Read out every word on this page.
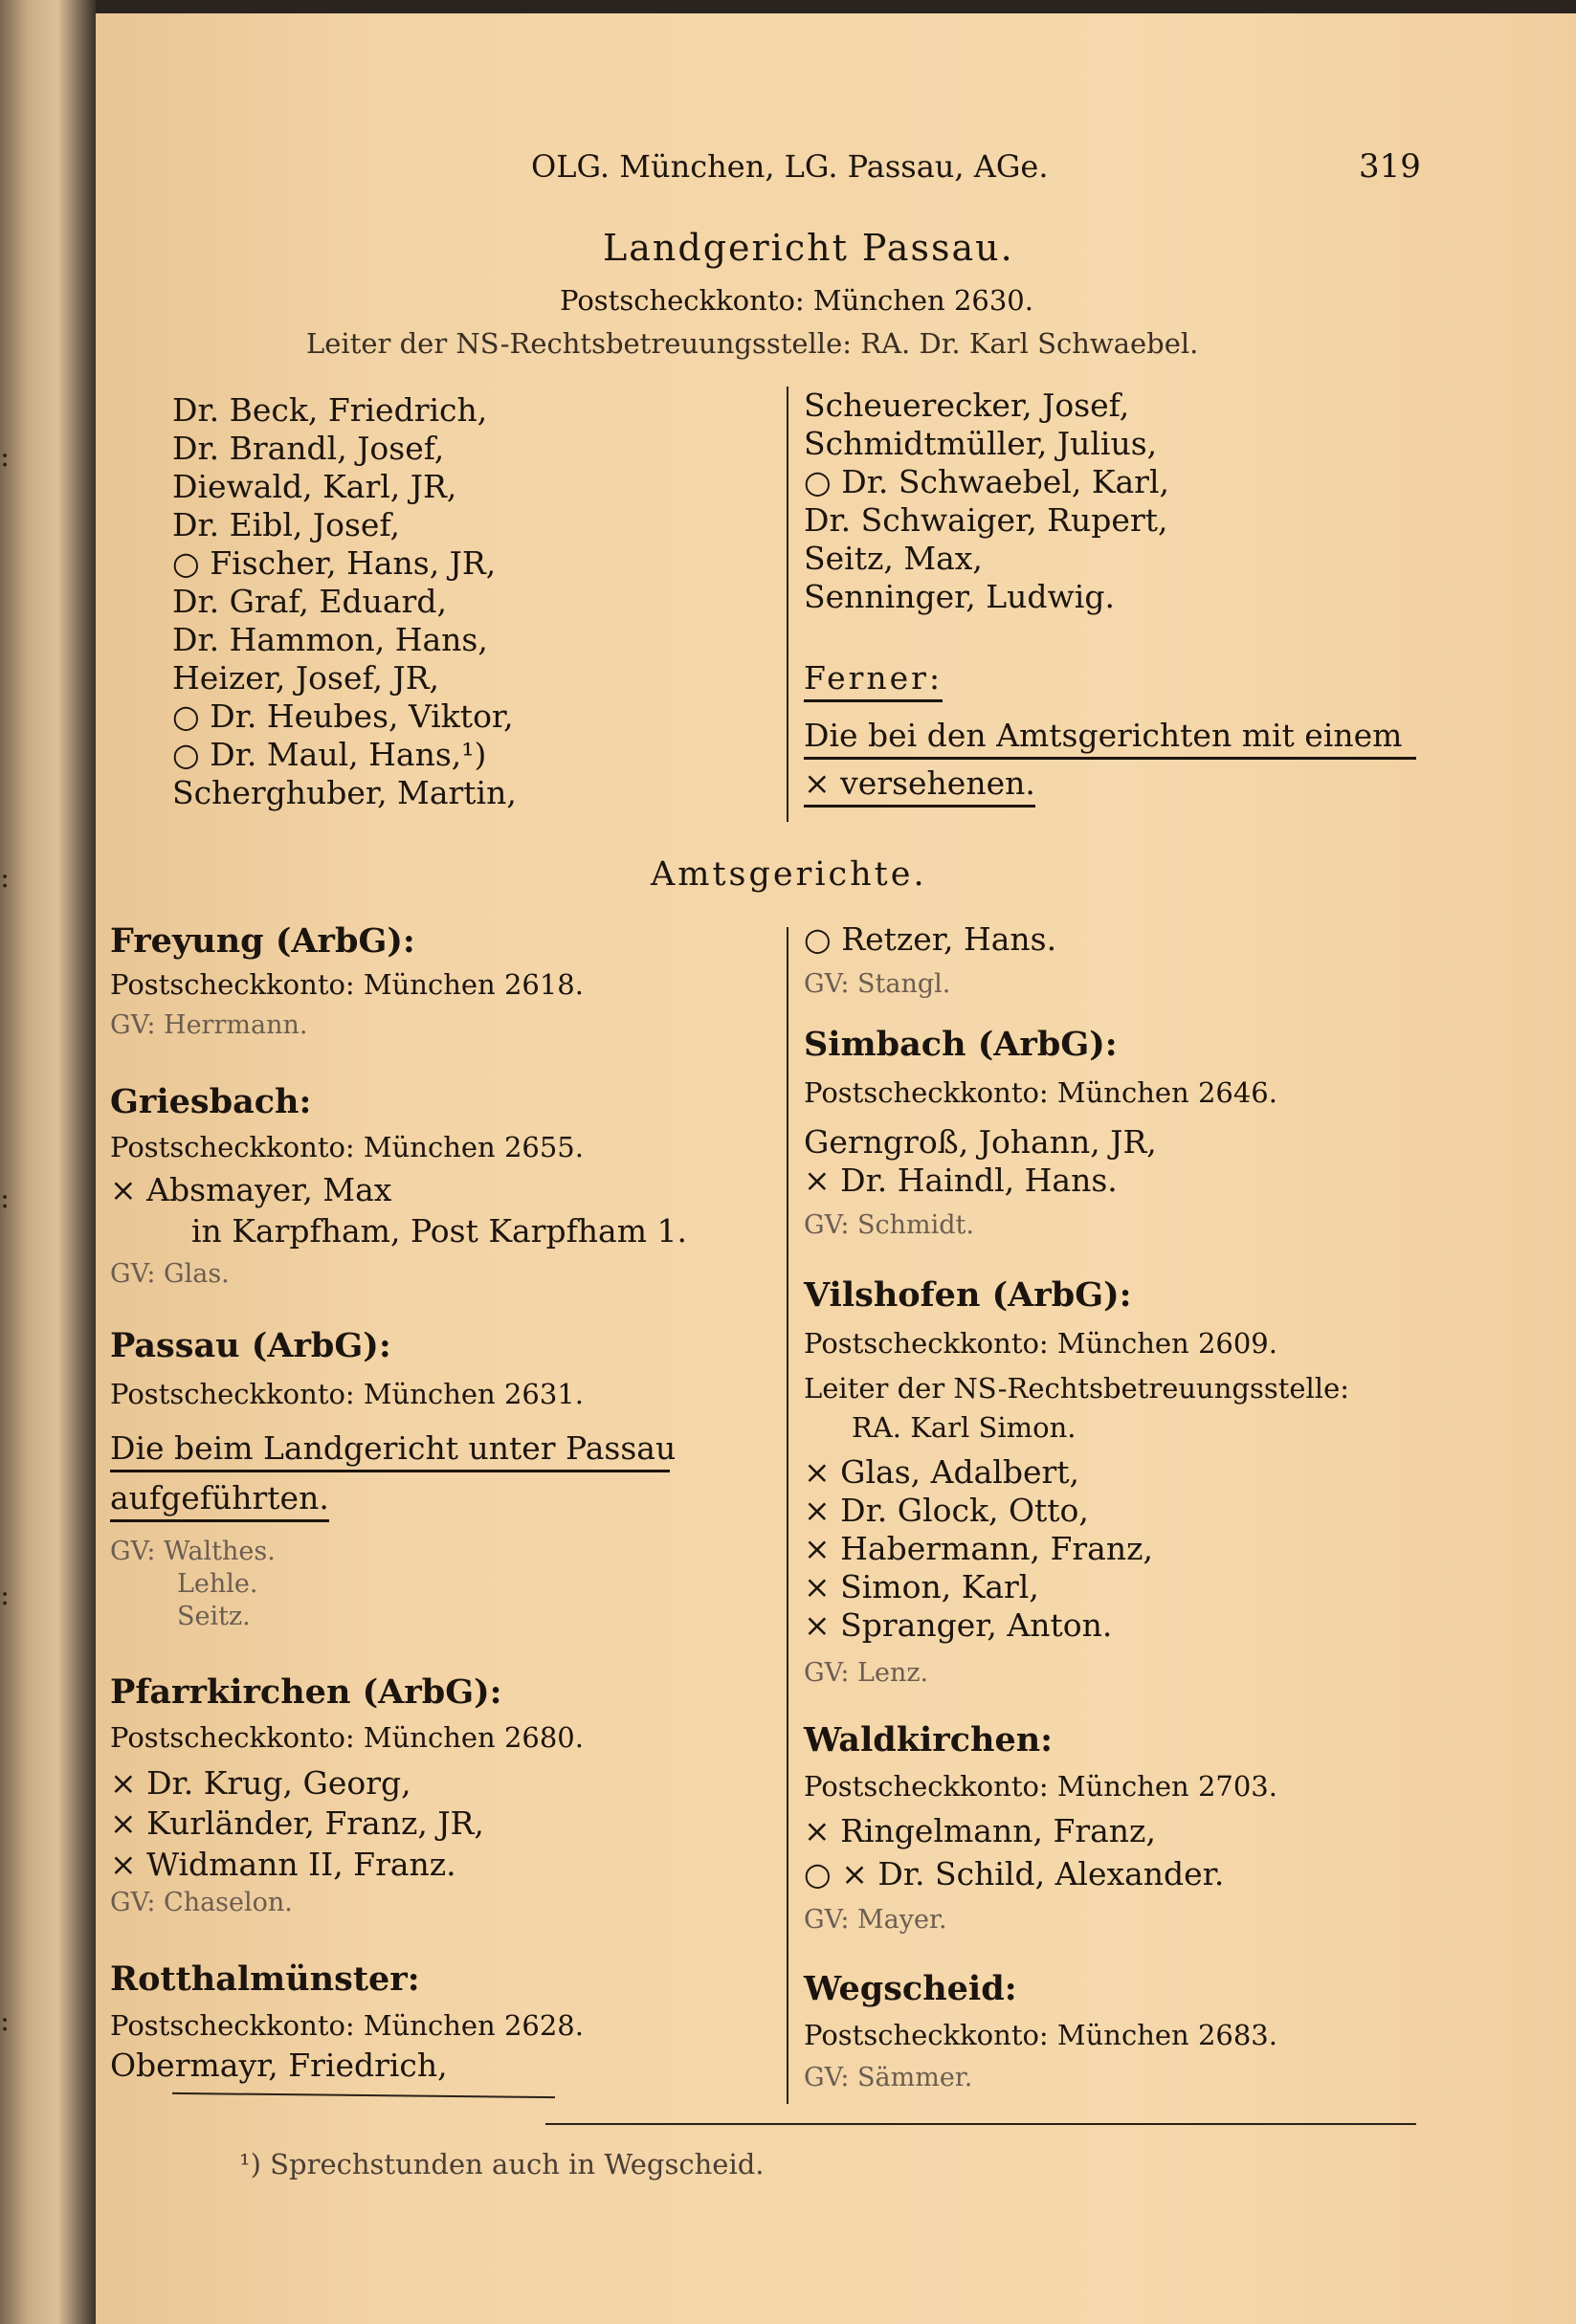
:
:
:
:
:
OLG. München, LG. Passau, AGe.	319
Landgericht Passau.
Postscheckkonto: München 2630.
Leiter der NS-Rechtsbetreuungsstelle: RA. Dr. Karl Schwaebel.
Dr. Beck, Friedrich,
Dr. Brandl, Josef,
Diewald, Karl, JR,
Dr. Eibl, Josef,
○ Fischer, Hans, JR,
Dr. Graf, Eduard,
Dr. Hammon, Hans,
Heizer, Josef, JR,
○ Dr. Heubes, Viktor,
○ Dr. Maul, Hans,¹)
Scherghuber, Martin,
Scheuerecker, Josef,
Schmidtmüller, Julius,
○ Dr. Schwaebel, Karl,
Dr. Schwaiger, Rupert,
Seitz, Max,
Senninger, Ludwig.
Ferner:
Die bei den Amtsgerichten mit einem
× versehenen.
Amtsgerichte.
Freyung (ArbG):
Postscheckkonto: München 2618.
GV: Herrmann.
Griesbach:
Postscheckkonto: München 2655.
× Absmayer, Max
in Karpfham, Post Karpfham 1.
GV: Glas.
Passau (ArbG):
Postscheckkonto: München 2631.
Die beim Landgericht unter Passau
aufgeführten.
GV: Walthes.
Lehle.
Seitz.
Pfarrkirchen (ArbG):
Postscheckkonto: München 2680.
× Dr. Krug, Georg,
× Kurländer, Franz, JR,
× Widmann II, Franz.
GV: Chaselon.
Rotthalmünster:
Postscheckkonto: München 2628.
Obermayr, Friedrich,
○ Retzer, Hans.
GV: Stangl.
Simbach (ArbG):
Postscheckkonto: München 2646.
Gerngroß, Johann, JR,
× Dr. Haindl, Hans.
GV: Schmidt.
Vilshofen (ArbG):
Postscheckkonto: München 2609.
Leiter der NS-Rechtsbetreuungsstelle:
RA. Karl Simon.
× Glas, Adalbert,
× Dr. Glock, Otto,
× Habermann, Franz,
× Simon, Karl,
× Spranger, Anton.
GV: Lenz.
Waldkirchen:
Postscheckkonto: München 2703.
× Ringelmann, Franz,
○ × Dr. Schild, Alexander.
GV: Mayer.
Wegscheid:
Postscheckkonto: München 2683.
GV: Sämmer.
¹) Sprechstunden auch in Wegscheid.
